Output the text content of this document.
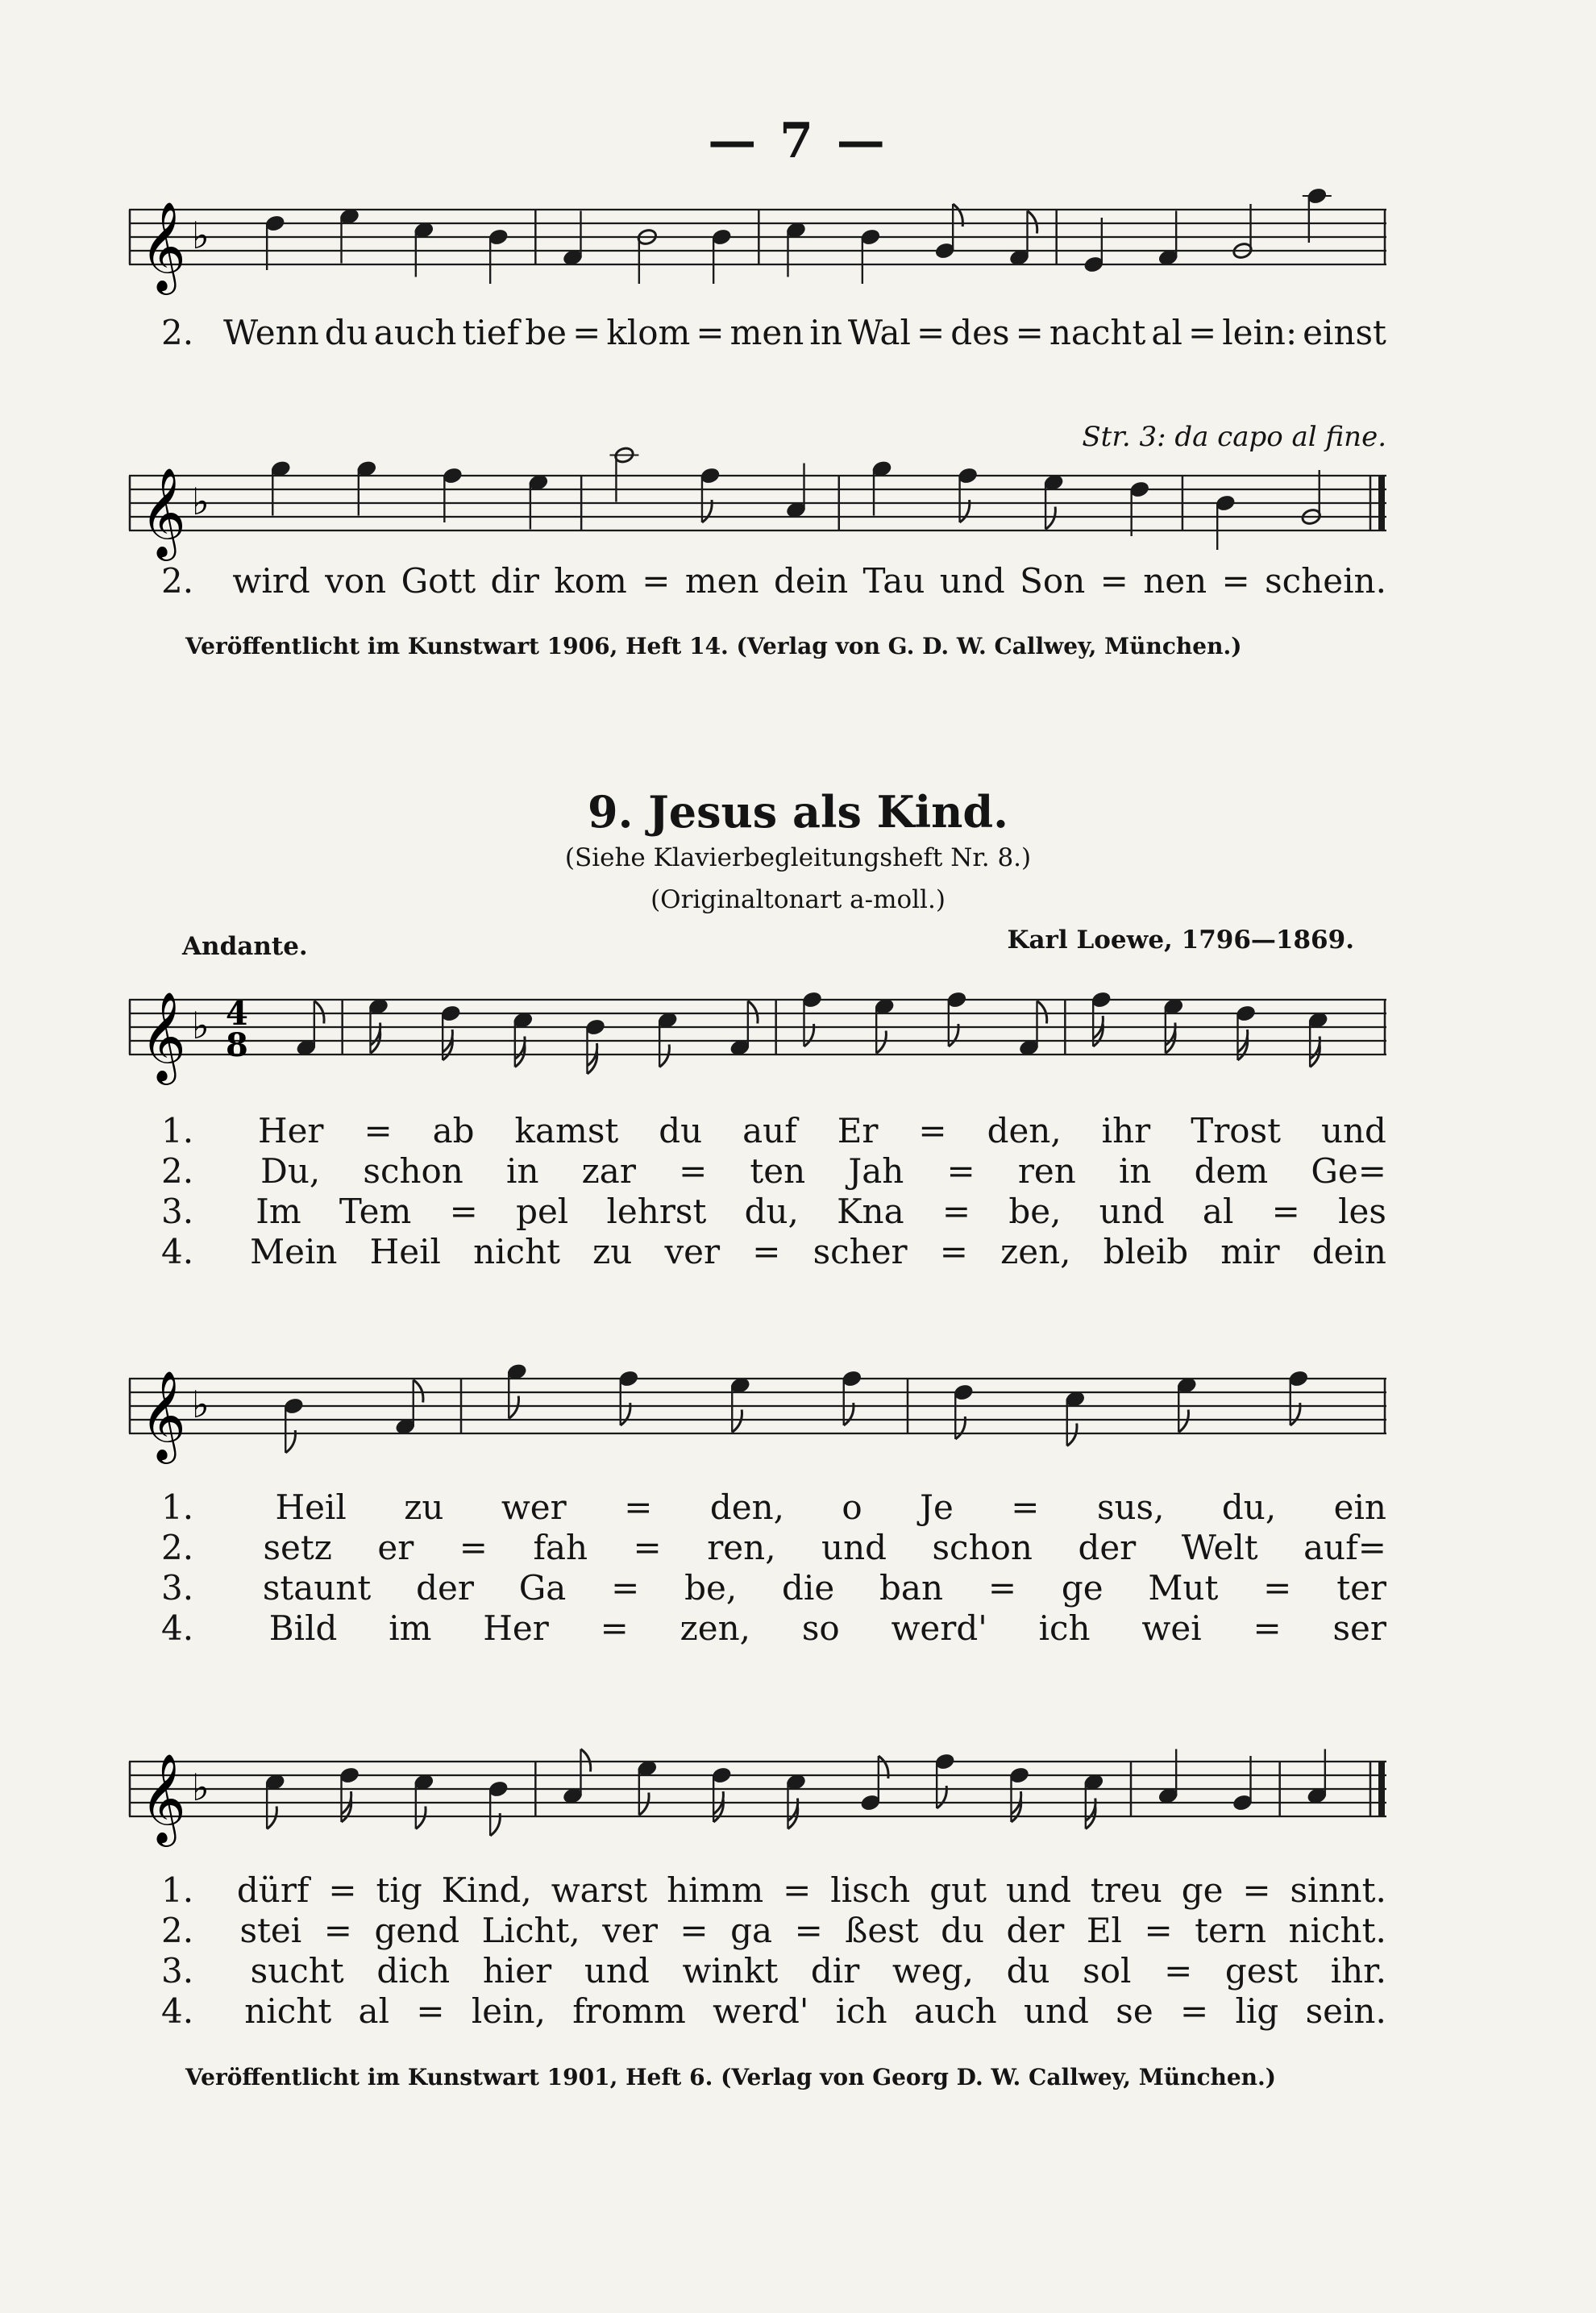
— 7 —
𝄞 ♭
2. Wenn du auch tief be = klom = men in Wal = des = nacht al = lein: einst
Str. 3: da capo al fine.
𝄞 ♭
2.	wird von Gott dir kom = men dein Tau und Son = nen = schein.
Veröffentlicht im Kunstwart 1906, Heft 14. (Verlag von G. D. W. Callwey, München.)
9. Jesus als Kind.
(Siehe Klavierbegleitungsheft Nr. 8.)
(Originaltonart a-moll.)
Andante.	Karl Loewe, 1796—1869.
𝄞 ♭ 4
8
1.	Her = ab kamst du auf Er = den, ihr Trost und
2.	Du, schon in zar = ten Jah = ren in dem Ge=
3.	Im Tem = pel lehrst du, Kna = be, und al = les
4.	Mein Heil nicht zu ver = scher = zen, bleib mir dein
𝄞 ♭
1.	Heil zu wer = den, o Je = sus, du, ein
2.	setz er = fah = ren, und schon der Welt auf=
3.	staunt der Ga = be, die ban = ge Mut = ter
4.	Bild im Her = zen, so werd' ich wei = ser
𝄞 ♭
1.	dürf = tig Kind, warst himm = lisch gut und treu ge = sinnt.
2.	stei = gend Licht, ver = ga = ßest du der El = tern nicht.
3.	sucht dich hier und winkt dir weg, du sol = gest ihr.
4.	nicht al = lein, fromm werd' ich auch und se = lig sein.
Veröffentlicht im Kunstwart 1901, Heft 6. (Verlag von Georg D. W. Callwey, München.)
